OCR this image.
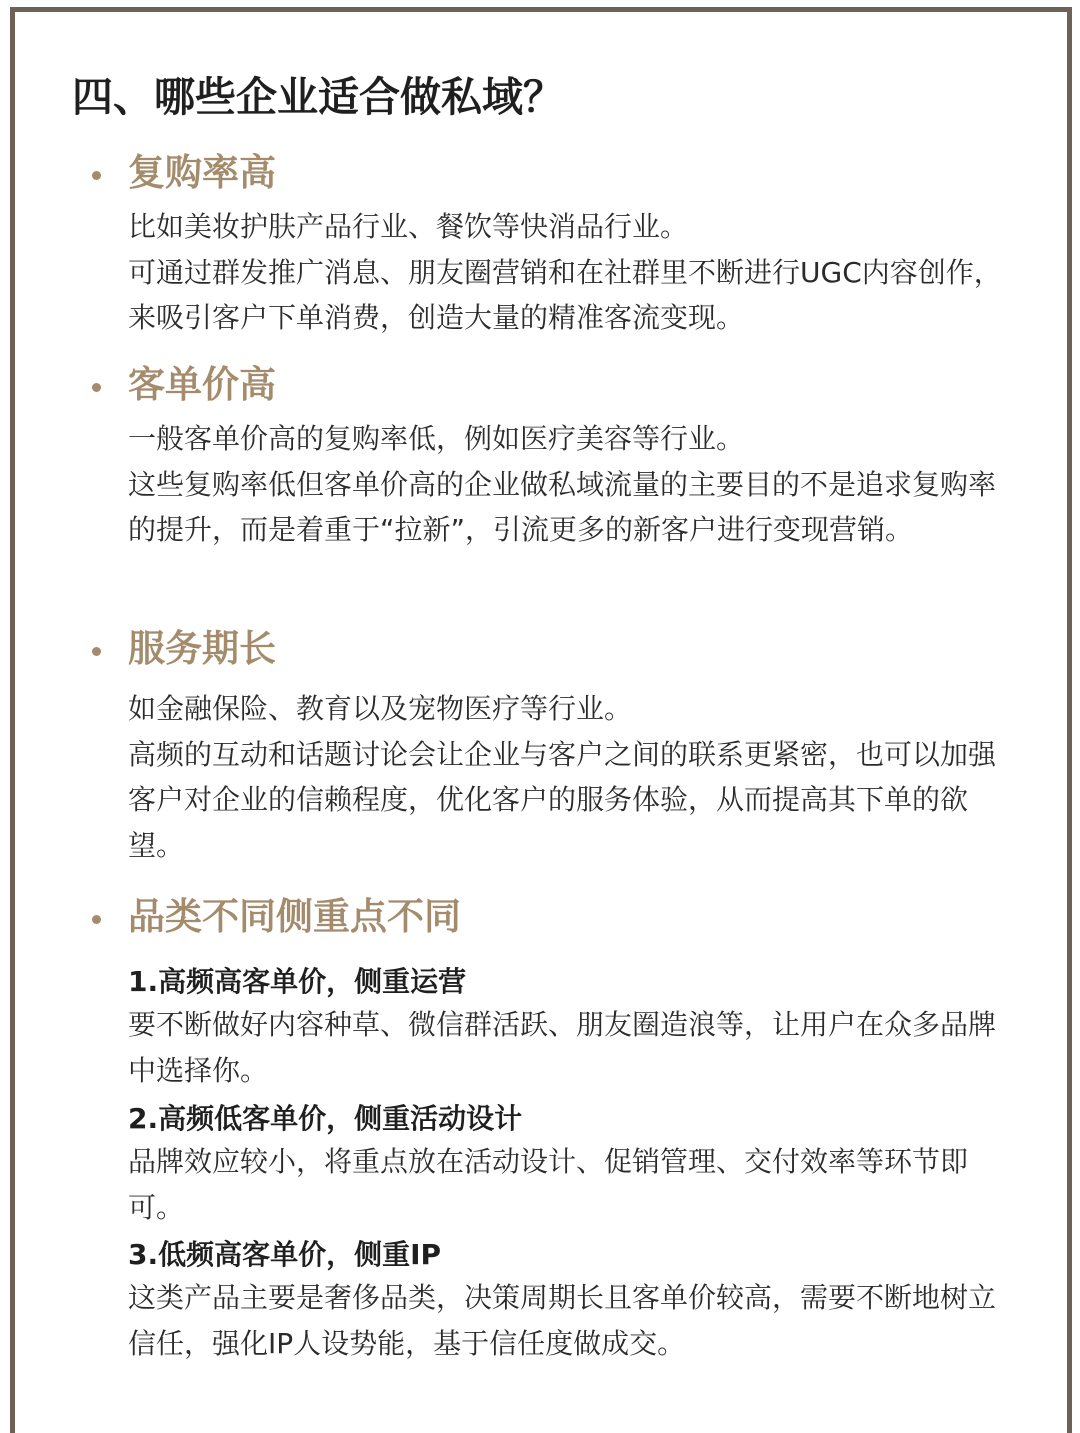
四、哪些企业适合做私域？
复购率高

比如美妆护肤产品行业、餐饮等快消品行业。

可通过群发推广消息、朋友圈营销和在社群里不断进行UGC内容创作，来吸引客户下单消费，创造大量的精准客流变现。

客单价高

一般客单价高的复购率低，例如医疗美容等行业。

这些复购率低但客单价高的企业做私域流量的主要目的不是追求复购率的提升，而是着重于“拉新”，引流更多的新客户进行变现营销。

服务期长

如金融保险、教育以及宠物医疗等行业。

高频的互动和话题讨论会让企业与客户之间的联系更紧密，也可以加强客户对企业的信赖程度，优化客户的服务体验，从而提高其下单的欲望。

品类不同侧重点不同

1.高频高客单价，侧重运营

要不断做好内容种草、微信群活跃、朋友圈造浪等，让用户在众多品牌中选择你。

2.高频低客单价，侧重活动设计

品牌效应较小，将重点放在活动设计、促销管理、交付效率等环节即可。

3.低频高客单价，侧重IP

这类产品主要是奢侈品类，决策周期长且客单价较高，需要不断地树立信任，强化IP人设势能，基于信任度做成交。
